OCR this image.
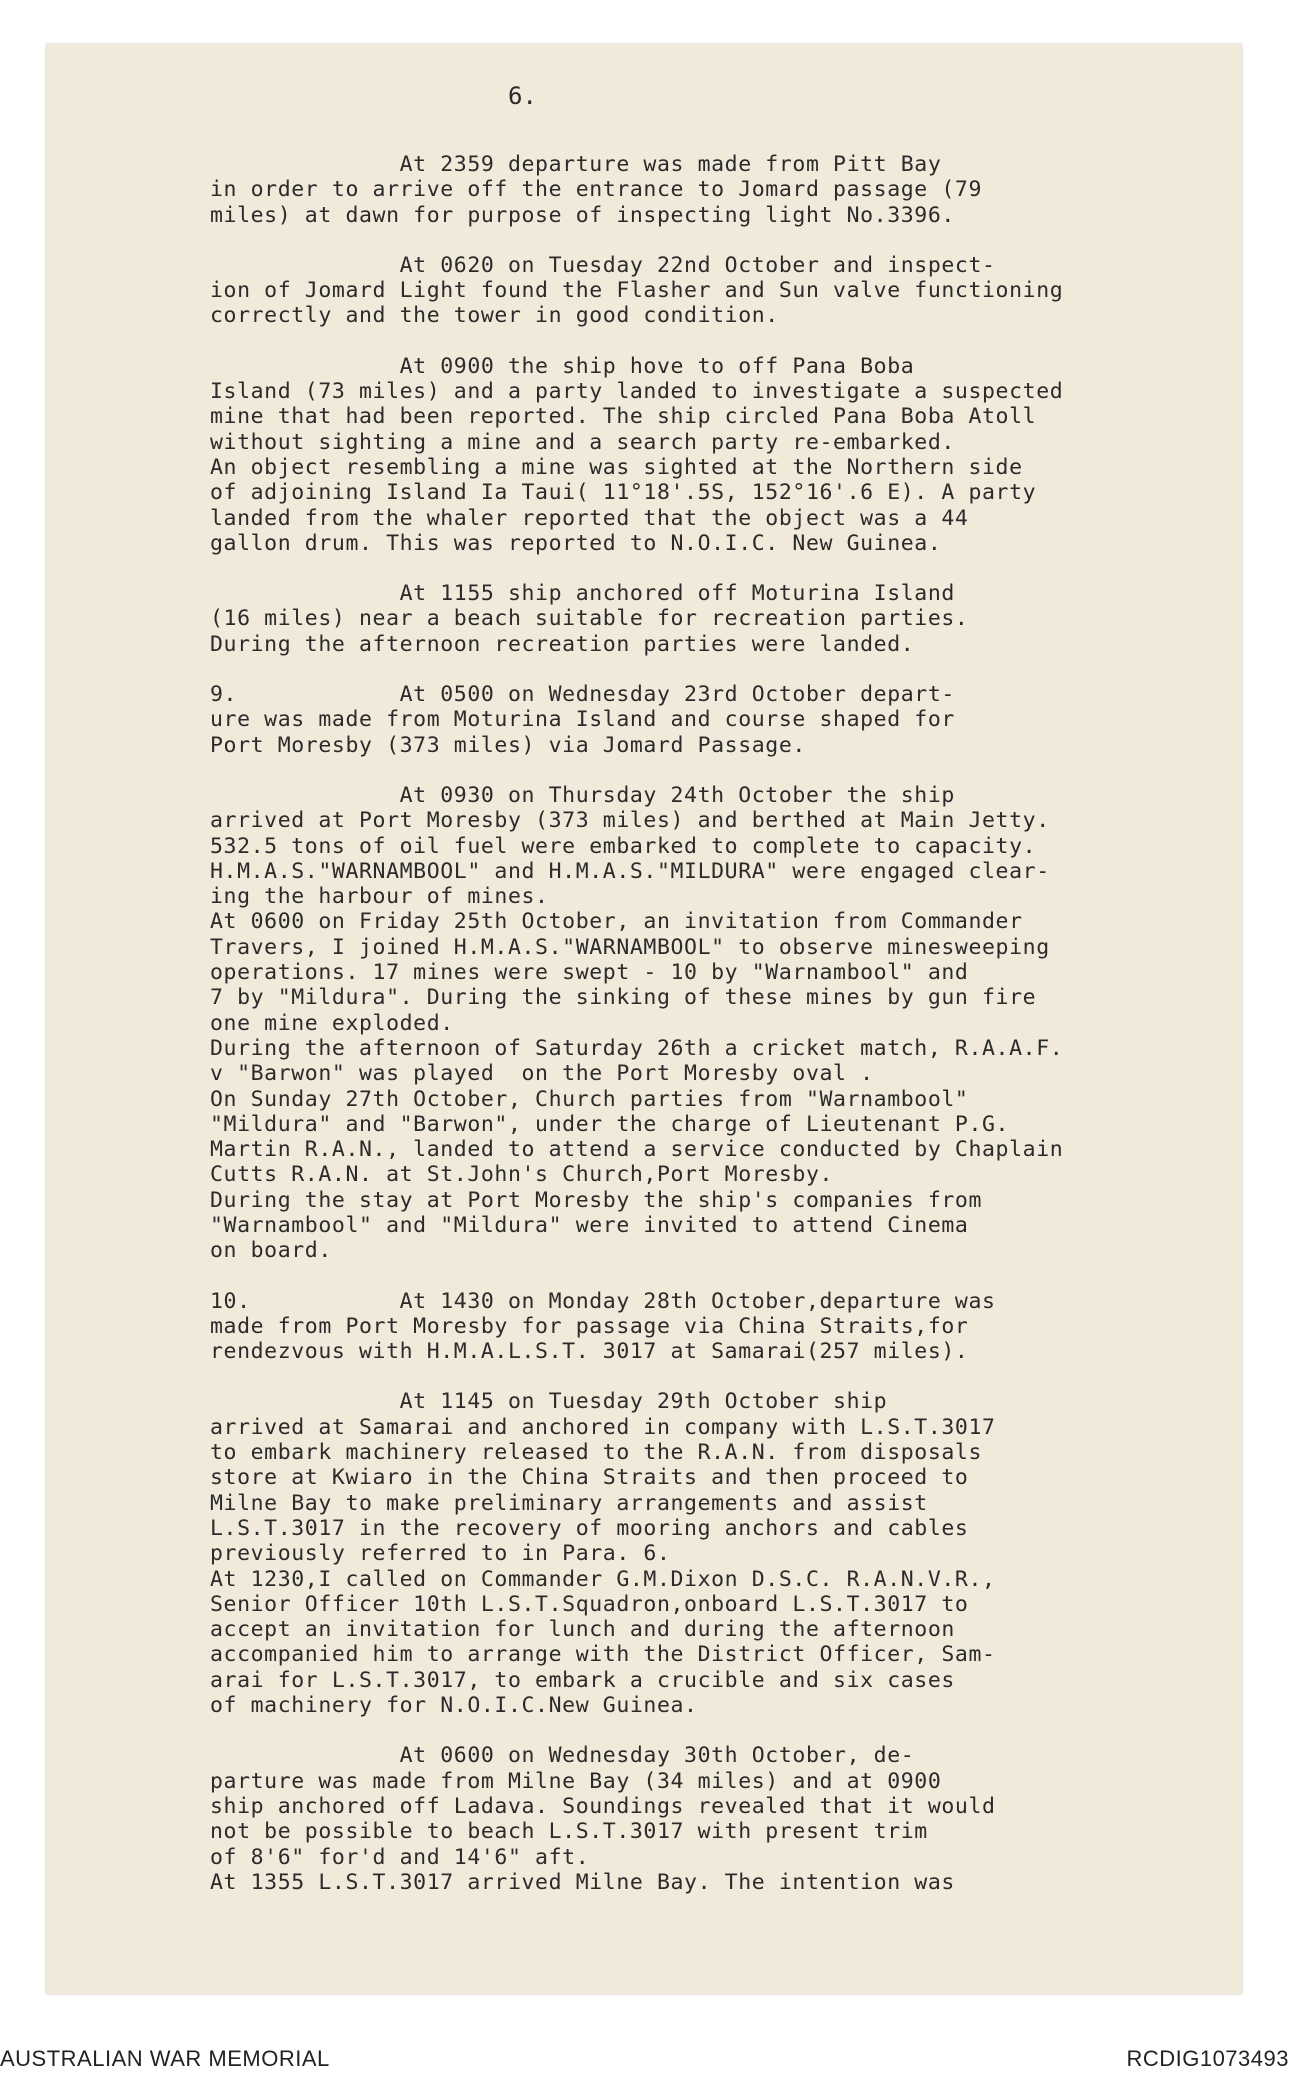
6.
At 2359 departure was made from Pitt Bay
in order to arrive off the entrance to Jomard passage (79
miles) at dawn for purpose of inspecting light No.3396.
At 0620 on Tuesday 22nd October and inspect-
ion of Jomard Light found the Flasher and Sun valve functioning
correctly and the tower in good condition.
At 0900 the ship hove to off Pana Boba
Island (73 miles) and a party landed to investigate a suspected
mine that had been reported. The ship circled Pana Boba Atoll
without sighting a mine and a search party re-embarked.
An object resembling a mine was sighted at the Northern side
of adjoining Island Ia Taui( 11°18'.5S, 152°16'.6 E). A party
landed from the whaler reported that the object was a 44
gallon drum. This was reported to N.O.I.C. New Guinea.
At 1155 ship anchored off Moturina Island
(16 miles) near a beach suitable for recreation parties.
During the afternoon recreation parties were landed.
9.            At 0500 on Wednesday 23rd October depart-
ure was made from Moturina Island and course shaped for
Port Moresby (373 miles) via Jomard Passage.
At 0930 on Thursday 24th October the ship
arrived at Port Moresby (373 miles) and berthed at Main Jetty.
532.5 tons of oil fuel were embarked to complete to capacity.
H.M.A.S."WARNAMBOOL" and H.M.A.S."MILDURA" were engaged clear-
ing the harbour of mines.
At 0600 on Friday 25th October, an invitation from Commander
Travers, I joined H.M.A.S."WARNAMBOOL" to observe minesweeping
operations. 17 mines were swept - 10 by "Warnambool" and
7 by "Mildura". During the sinking of these mines by gun fire
one mine exploded.
During the afternoon of Saturday 26th a cricket match, R.A.A.F.
v "Barwon" was played  on the Port Moresby oval .
On Sunday 27th October, Church parties from "Warnambool"
"Mildura" and "Barwon", under the charge of Lieutenant P.G.
Martin R.A.N., landed to attend a service conducted by Chaplain
Cutts R.A.N. at St.John's Church,Port Moresby.
During the stay at Port Moresby the ship's companies from
"Warnambool" and "Mildura" were invited to attend Cinema
on board.
10.           At 1430 on Monday 28th October,departure was
made from Port Moresby for passage via China Straits,for
rendezvous with H.M.A.L.S.T. 3017 at Samarai(257 miles).
At 1145 on Tuesday 29th October ship
arrived at Samarai and anchored in company with L.S.T.3017
to embark machinery released to the R.A.N. from disposals
store at Kwiaro in the China Straits and then proceed to
Milne Bay to make preliminary arrangements and assist
L.S.T.3017 in the recovery of mooring anchors and cables
previously referred to in Para. 6.
At 1230,I called on Commander G.M.Dixon D.S.C. R.A.N.V.R.,
Senior Officer 10th L.S.T.Squadron,onboard L.S.T.3017 to
accept an invitation for lunch and during the afternoon
accompanied him to arrange with the District Officer, Sam-
arai for L.S.T.3017, to embark a crucible and six cases
of machinery for N.O.I.C.New Guinea.
At 0600 on Wednesday 30th October, de-
parture was made from Milne Bay (34 miles) and at 0900
ship anchored off Ladava. Soundings revealed that it would
not be possible to beach L.S.T.3017 with present trim
of 8'6" for'd and 14'6" aft.
At 1355 L.S.T.3017 arrived Milne Bay. The intention was
AUSTRALIAN WAR MEMORIAL	RCDIG1073493
